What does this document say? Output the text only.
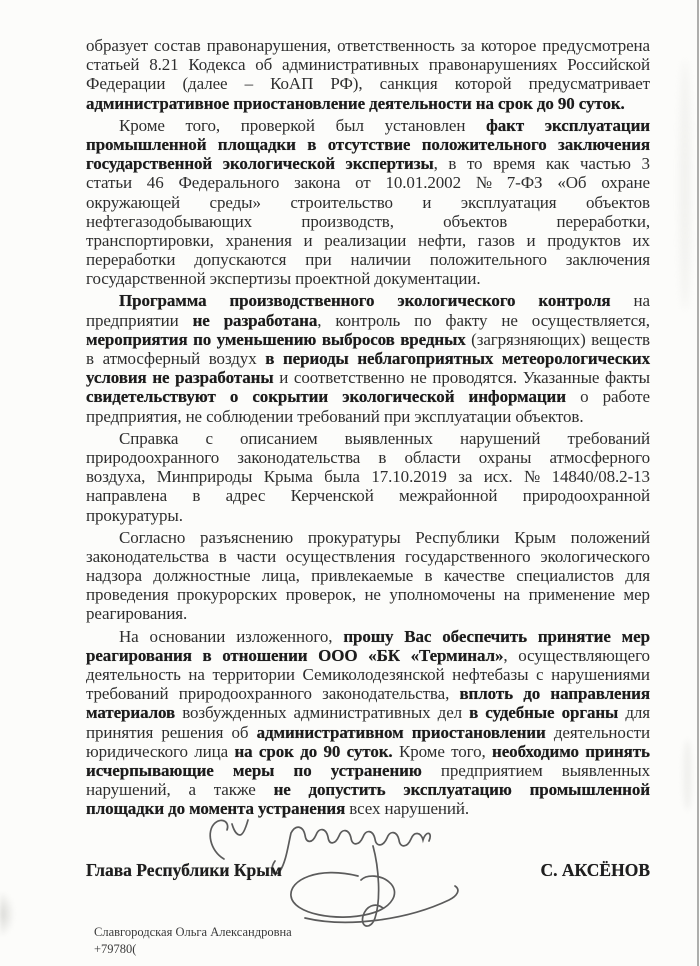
образует состав правонарушения, ответственность за которое предусмотрена
статьей 8.21 Кодекса об административных правонарушениях Российской
Федерации (далее – КоАП РФ), санкция которой предусматривает
административное приостановление деятельности на срок до 90 суток.
Кроме того, проверкой был установлен факт эксплуатации
промышленной площадки в отсутствие положительного заключения
государственной экологической экспертизы, в то время как частью 3
статьи 46 Федерального закона от 10.01.2002 № 7-ФЗ «Об охране
окружающей среды» строительство и эксплуатация объектов
нефтегазодобывающих	производств,	объектов	переработки,
транспортировки, хранения и реализации нефти, газов и продуктов их
переработки допускаются при наличии положительного заключения
государственной экспертизы проектной документации.
Программа производственного экологического контроля на
предприятии не разработана, контроль по факту не осуществляется,
мероприятия по уменьшению выбросов вредных (загрязняющих) веществ
в атмосферный воздух в периоды неблагоприятных метеорологических
условия не разработаны и соответственно не проводятся. Указанные факты
свидетельствуют о сокрытии экологической информации о работе
предприятия, не соблюдении требований при эксплуатации объектов.
Справка с описанием выявленных нарушений требований
природоохранного законодательства в области охраны атмосферного
воздуха, Минприроды Крыма была 17.10.2019 за исх. № 14840/08.2-13
направлена в адрес Керченской межрайонной природоохранной
прокуратуры.
Согласно разъяснению прокуратуры Республики Крым положений
законодательства в части осуществления государственного экологического
надзора должностные лица, привлекаемые в качестве специалистов для
проведения прокурорских проверок, не уполномочены на применение мер
реагирования.
На основании изложенного, прошу Вас обеспечить принятие мер
реагирования в отношении ООО «БК «Терминал», осуществляющего
деятельность на территории Семиколодезянской нефтебазы с нарушениями
требований природоохранного законодательства, вплоть до направления
материалов возбужденных административных дел в судебные органы для
принятия решения об административном приостановлении деятельности
юридического лица на срок до 90 суток. Кроме того, необходимо принять
исчерпывающие меры по устранению предприятием выявленных
нарушений, а также не допустить эксплуатацию промышленной
площадки до момента устранения всех нарушений.
Глава Республики Крым	С. АКСЁНОВ
Славгородская Ольга Александровна
+79780(
